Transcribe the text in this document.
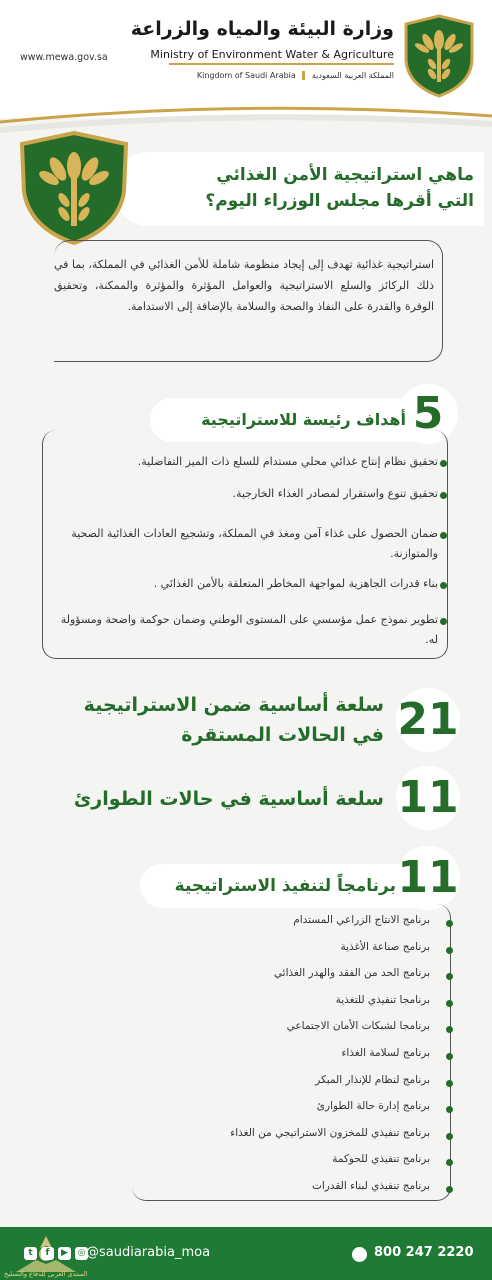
وزارة البيئة والمياه والزراعة
Ministry of Environment Water & Agriculture
Kingdom of Saudi Arabia المملكة العربية السعودية
www.mewa.gov.sa
ماهي استراتيجية الأمن الغذائي
التي أقرها مجلس الوزراء اليوم؟
استراتيجية غذائية تهدف إلى إيجاد منظومة شاملة للأمن الغذائي في المملكة، بما في ذلك الركائز والسلع الاستراتيجية والعوامل المؤثرة والمؤثرة والممكنة، وتحقيق الوفرة والقدرة على النفاذ والصحة والسلامة بالإضافة إلى الاستدامة.
5
أهداف رئيسة للاستراتيجية
تحقيق نظام إنتاج غذائي محلي مستدام للسلع ذات الميز التفاضلية.
تحقيق تنوع واستقرار لمصادر الغذاء الخارجية.
ضمان الحصول على غذاء آمن ومغذ في المملكة، وتشجيع العادات الغذائية الصحية والمتوازنة.
بناء قدرات الجاهزية لمواجهة المخاطر المتعلقة بالأمن الغذائي .
تطوير نموذج عمل مؤسسي على المستوى الوطني وضمان حوكمة واضحة ومسؤولة له.
21
سلعة أساسية ضمن الاستراتيجية
في الحالات المستقرة
11
سلعة أساسية في حالات الطوارئ
11
برنامجاً لتنفيذ الاستراتيجية
برنامج الانتاج الزراعي المستدام
برنامج صناعة الأغذية
برنامج الحد من الفقد والهدر الغذائي
برنامجا تنفيذي للتغذية
برنامجا لشبكات الأمان الاجتماعي
برنامج لسلامة الغذاء
برنامج لنظام للإنذار المبكر
برنامج إدارة حالة الطوارئ
برنامج تنفيذي للمخزون الاستراتيجي من الغذاء
برنامج تنفيذي للحوكمة
برنامج تنفيذي لبناء القدرات
المنتدى العربي للدفاع والتسليح
t	f	▶	◎ @saudiarabia_moa	800 247 2220
